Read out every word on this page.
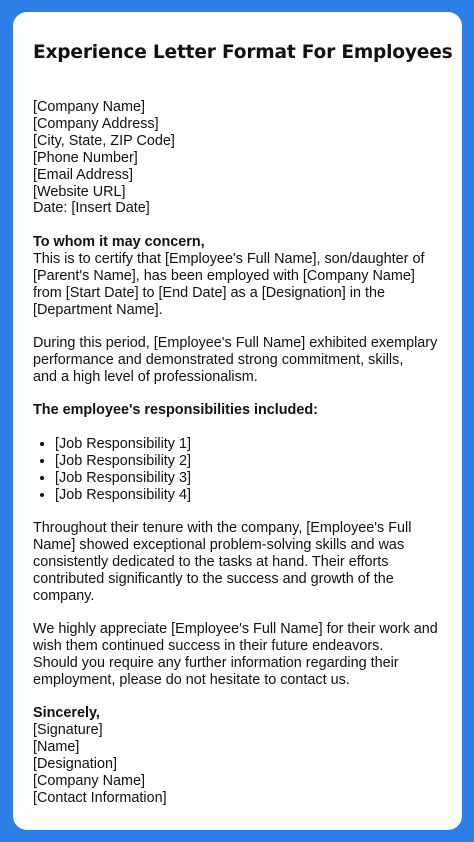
Experience Letter Format For Employees

[Company Name]
[Company Address]
[City, State, ZIP Code]
[Phone Number]
[Email Address]
[Website URL]
Date: [Insert Date]

To whom it may concern,
This is to certify that [Employee's Full Name], son/daughter of
[Parent's Name], has been employed with [Company Name]
from [Start Date] to [End Date] as a [Designation] in the
[Department Name].

During this period, [Employee's Full Name] exhibited exemplary
performance and demonstrated strong commitment, skills,
and a high level of professionalism.

The employee's responsibilities included:

• [Job Responsibility 1]
• [Job Responsibility 2]
• [Job Responsibility 3]
• [Job Responsibility 4]

Throughout their tenure with the company, [Employee's Full
Name] showed exceptional problem-solving skills and was
consistently dedicated to the tasks at hand. Their efforts
contributed significantly to the success and growth of the
company.

We highly appreciate [Employee's Full Name] for their work and
wish them continued success in their future endeavors.
Should you require any further information regarding their
employment, please do not hesitate to contact us.

Sincerely,
[Signature]
[Name]
[Designation]
[Company Name]
[Contact Information]
